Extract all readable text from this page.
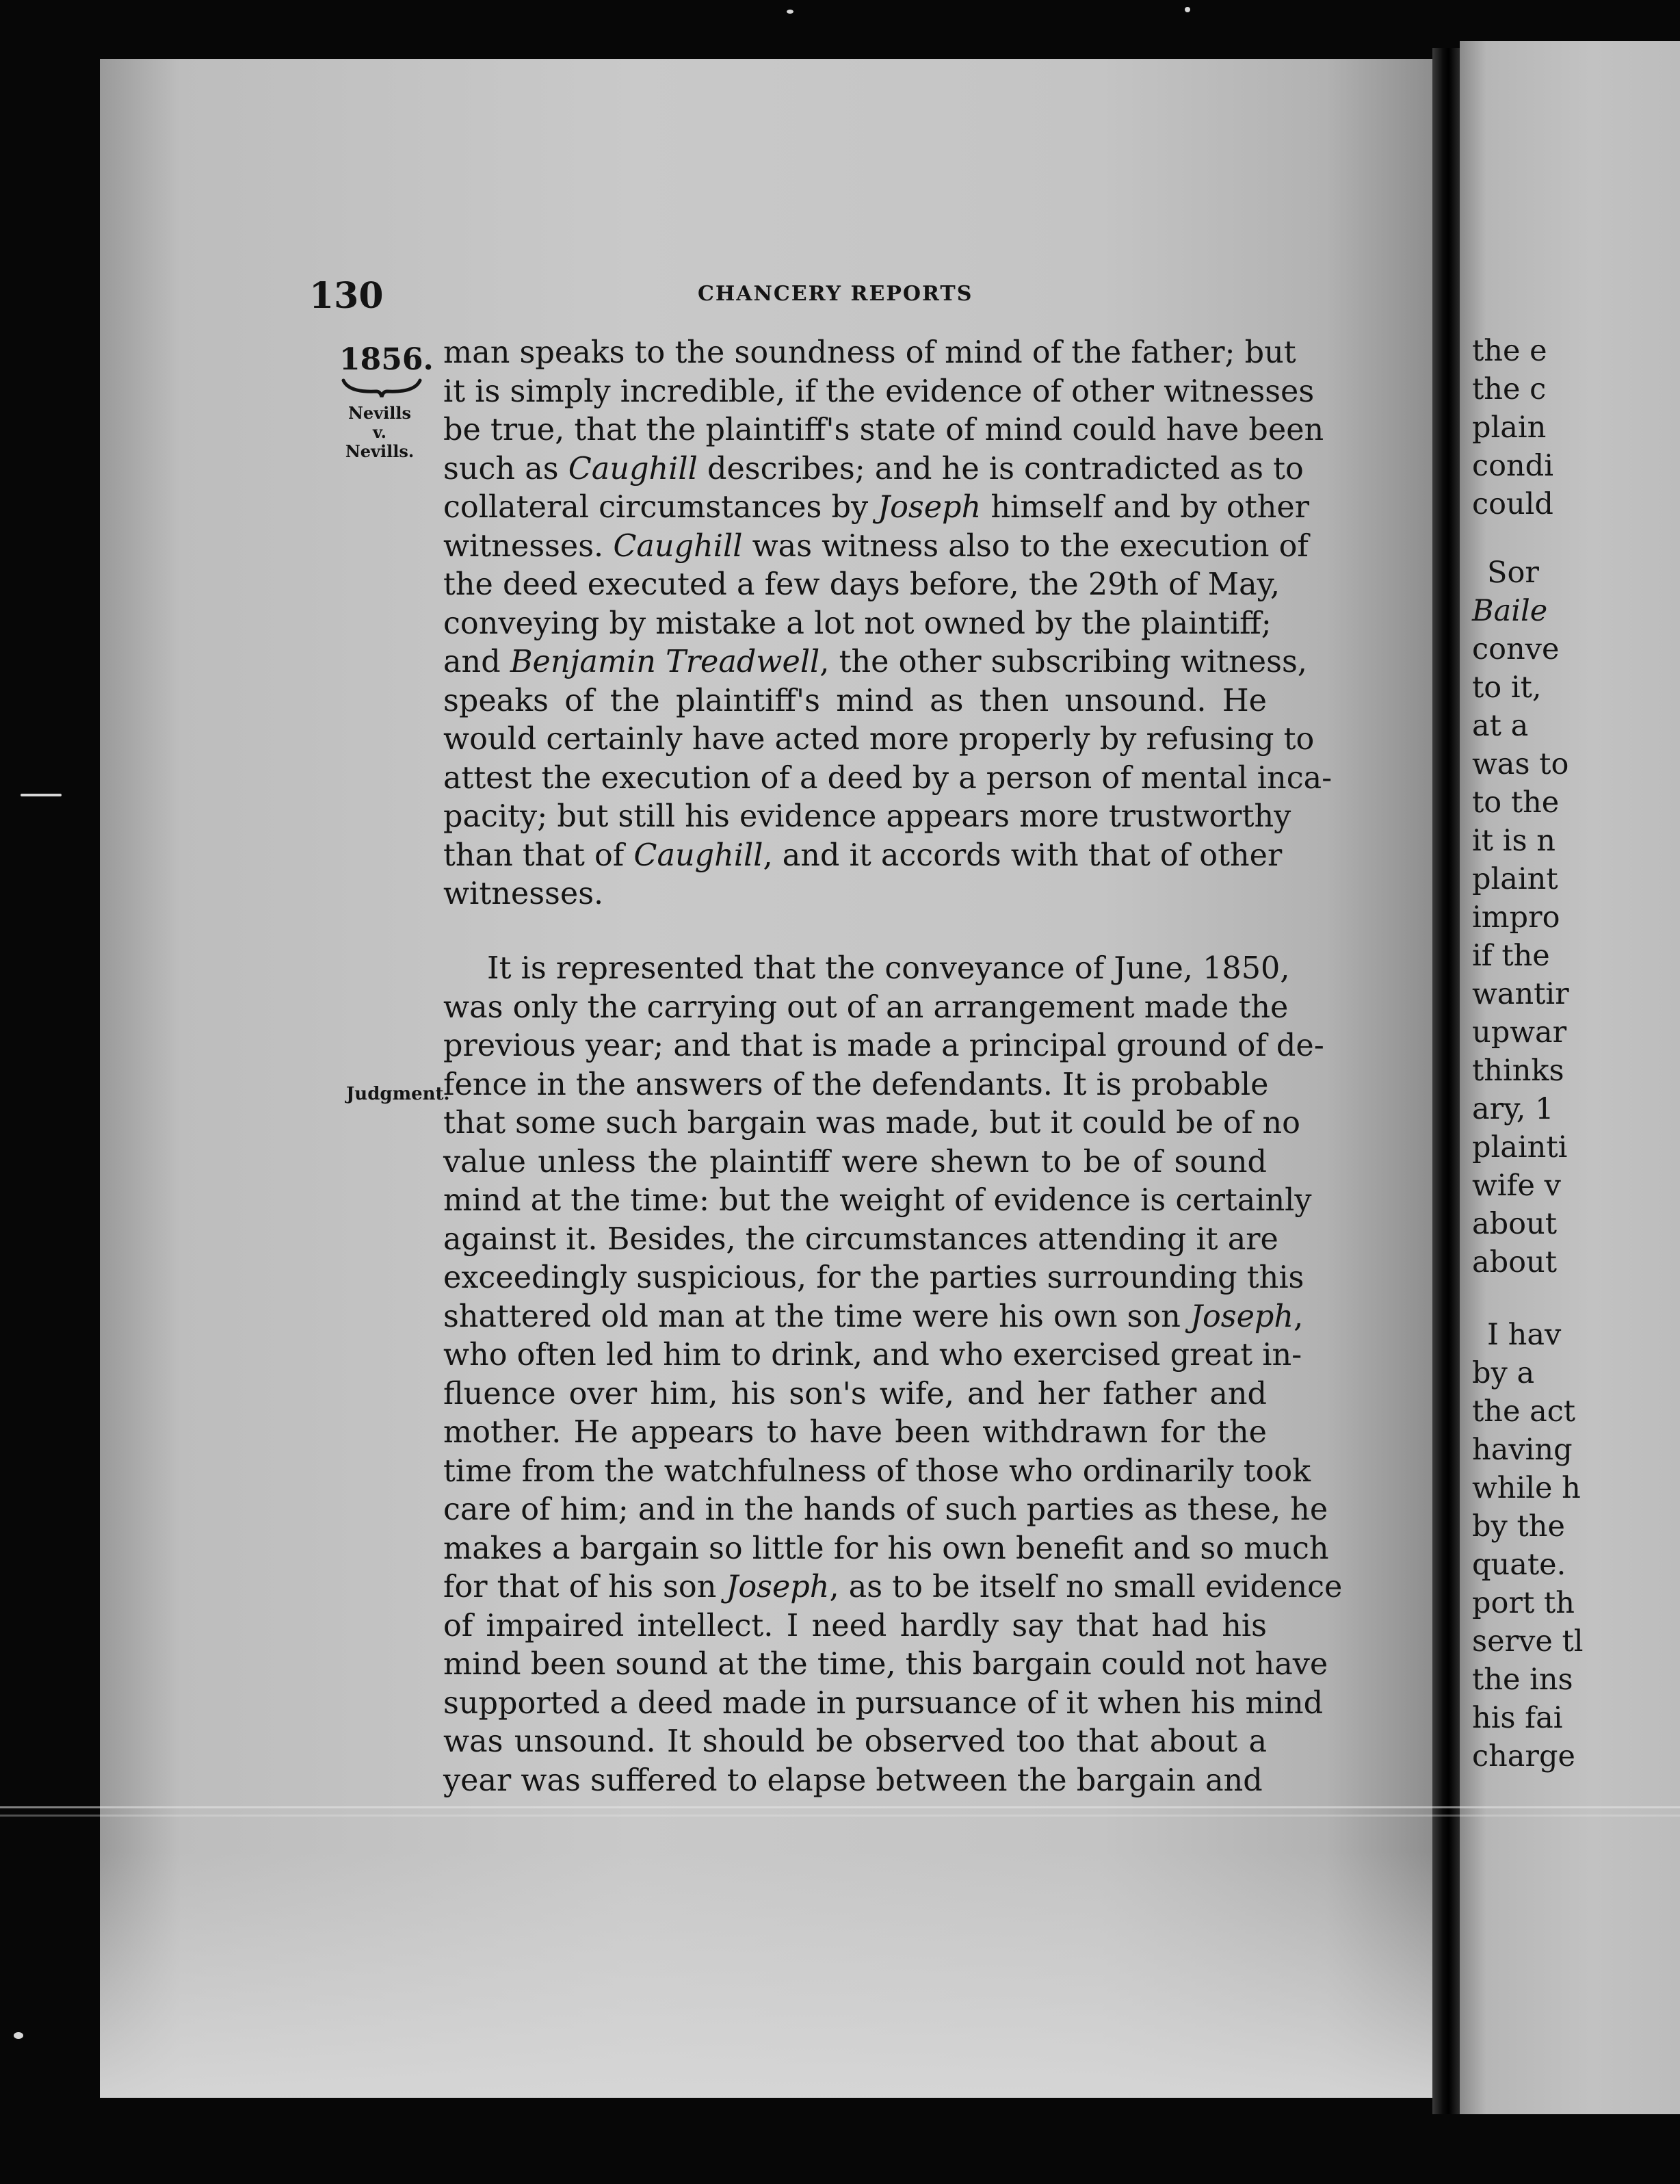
130	CHANCERY REPORTS
1856.
Nevills
v.
Nevills.
Judgment.
man speaks to the soundness of mind of the father; but
it is simply incredible, if the evidence of other witnesses
be true, that the plaintiff's state of mind could have been
such as Caughill describes; and he is contradicted as to
collateral circumstances by Joseph himself and by other
witnesses. Caughill was witness also to the execution of
the deed executed a few days before, the 29th of May,
conveying by mistake a lot not owned by the plaintiff;
and Benjamin Treadwell, the other subscribing witness,
speaks of the plaintiff's mind as then unsound. He
would certainly have acted more properly by refusing to
attest the execution of a deed by a person of mental inca-
pacity; but still his evidence appears more trustworthy
than that of Caughill, and it accords with that of other
witnesses.
It is represented that the conveyance of June, 1850,
was only the carrying out of an arrangement made the
previous year; and that is made a principal ground of de-
fence in the answers of the defendants. It is probable
that some such bargain was made, but it could be of no
value unless the plaintiff were shewn to be of sound
mind at the time: but the weight of evidence is certainly
against it. Besides, the circumstances attending it are
exceedingly suspicious, for the parties surrounding this
shattered old man at the time were his own son Joseph
who often led him to drink, and who exercised great in-
fluence over him, his son's wife, and her father and
mother. He appears to have been withdrawn for the
time from the watchfulness of those who ordinarily took
care of him; and in the hands of such parties as these, he
makes a bargain so little for his own benefit and so much
for that of his son Joseph, as to be itself no small evidence
of impaired intellect. I need hardly say that had his
mind been sound at the time, this bargain could not have
supported a deed made in pursuance of it when his mind
was unsound. It should be observed too that about a
year was suffered to elapse between the bargain and
the e
the c
plain
condi
could
Sor
Baile
conve
to it,
at a
was to
to the
it is n
plaint
impro
if the
wantir
upwar
thinks
ary, 1
plainti
wife v
about
about
I hav
by a
the act
having
while h
by the
quate.
port th
serve tl
the ins
his fai
charge
